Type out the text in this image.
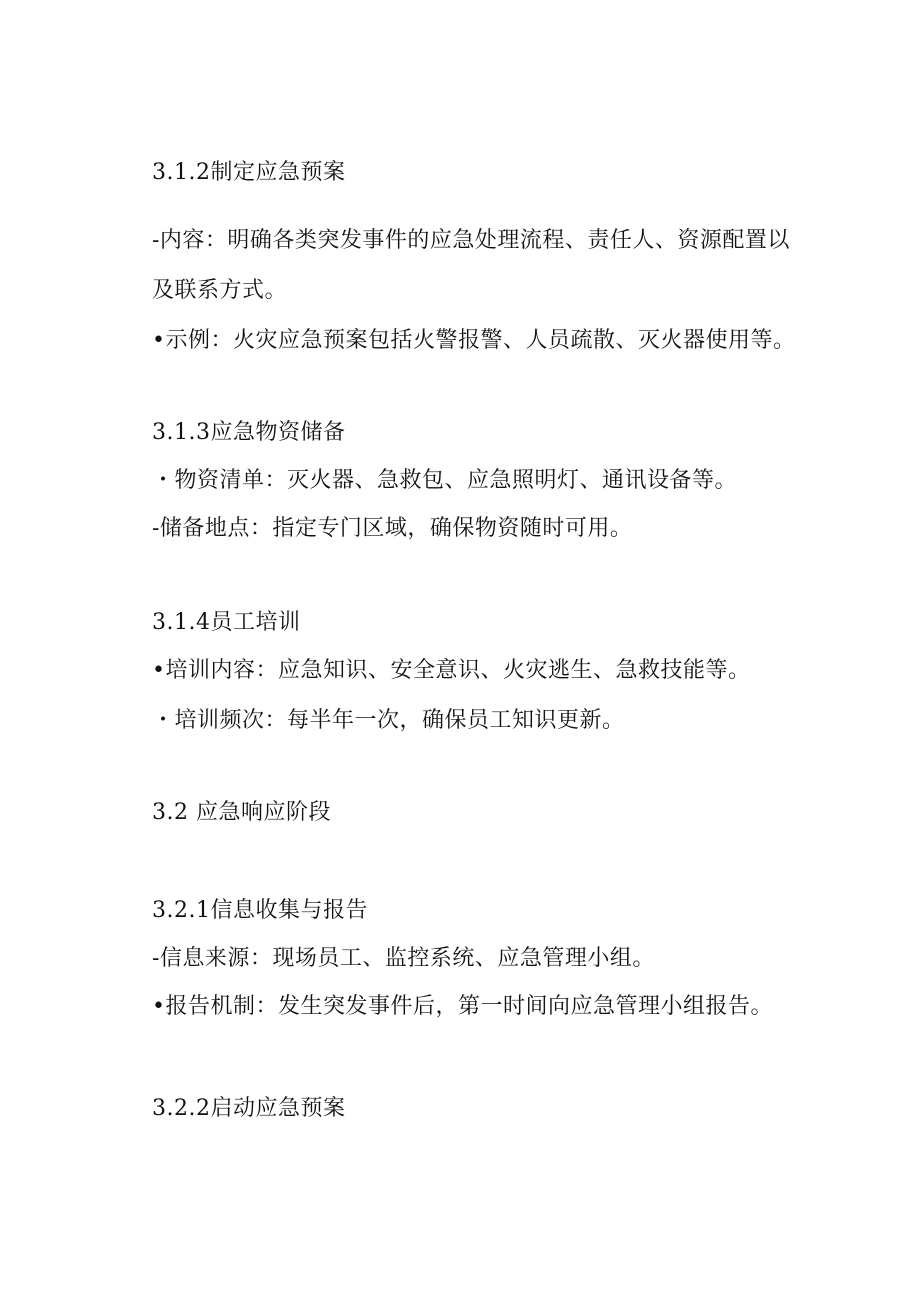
3.1.2制定应急预案
-内容：明确各类突发事件的应急处理流程、责任人、资源配置以
及联系方式。
•示例：火灾应急预案包括火警报警、人员疏散、灭火器使用等。
3.1.3应急物资储备
・物资清单：灭火器、急救包、应急照明灯、通讯设备等。
-储备地点：指定专门区域，确保物资随时可用。
3.1.4员工培训
•培训内容：应急知识、安全意识、火灾逃生、急救技能等。
・培训频次：每半年一次，确保员工知识更新。
3.2 应急响应阶段
3.2.1信息收集与报告
-信息来源：现场员工、监控系统、应急管理小组。
•报告机制：发生突发事件后，第一时间向应急管理小组报告。
3.2.2启动应急预案
